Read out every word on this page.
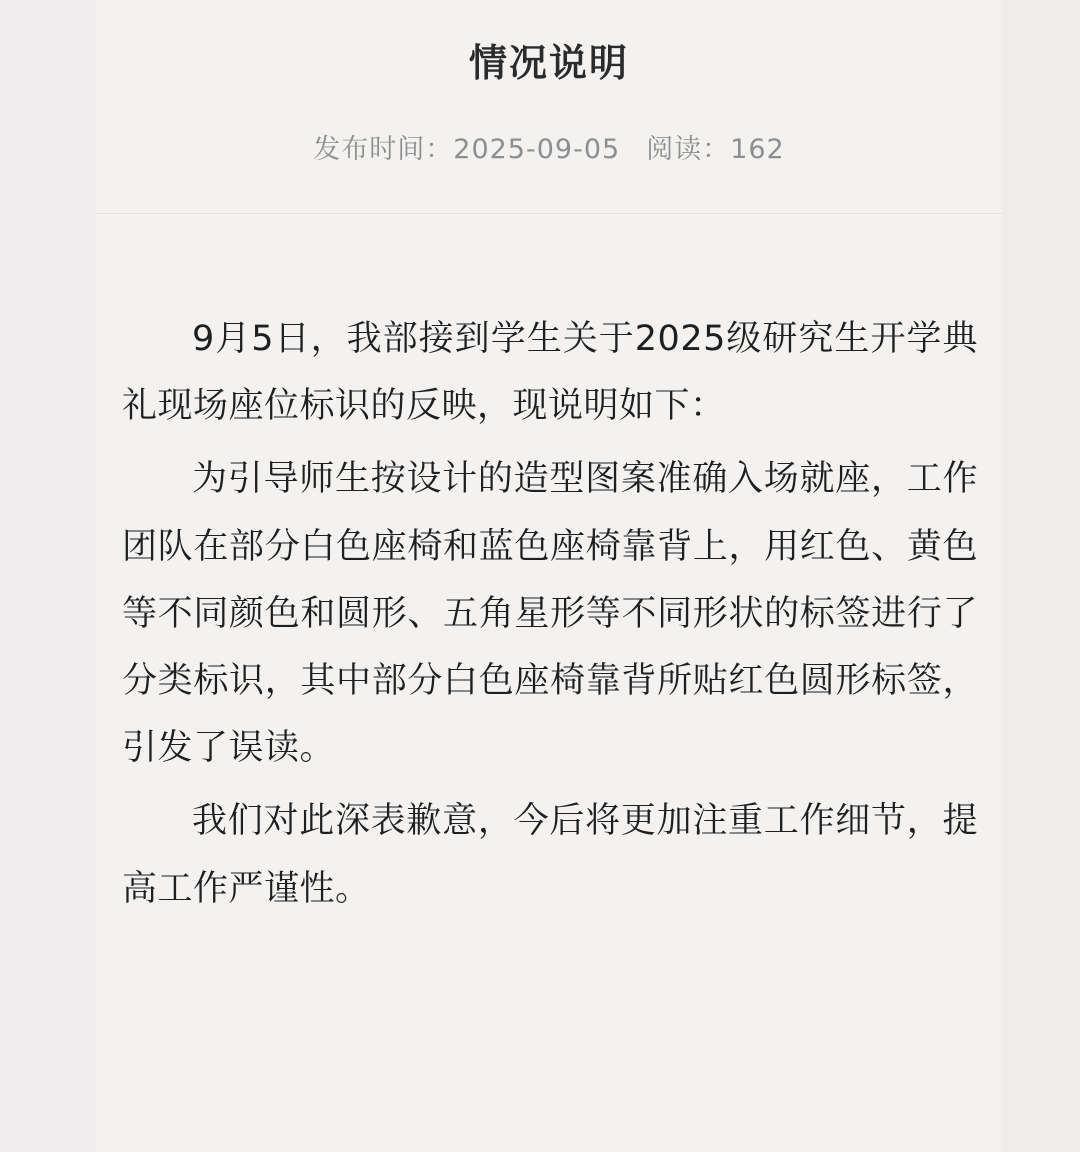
情况说明
发布时间：2025-09-05 阅读：162

9月5日，我部接到学生关于2025级研究生开学典礼现场座位标识的反映，现说明如下：

为引导师生按设计的造型图案准确入场就座，工作团队在部分白色座椅和蓝色座椅靠背上，用红色、黄色等不同颜色和圆形、五角星形等不同形状的标签进行了分类标识，其中部分白色座椅靠背所贴红色圆形标签，引发了误读。

我们对此深表歉意，今后将更加注重工作细节，提高工作严谨性。
